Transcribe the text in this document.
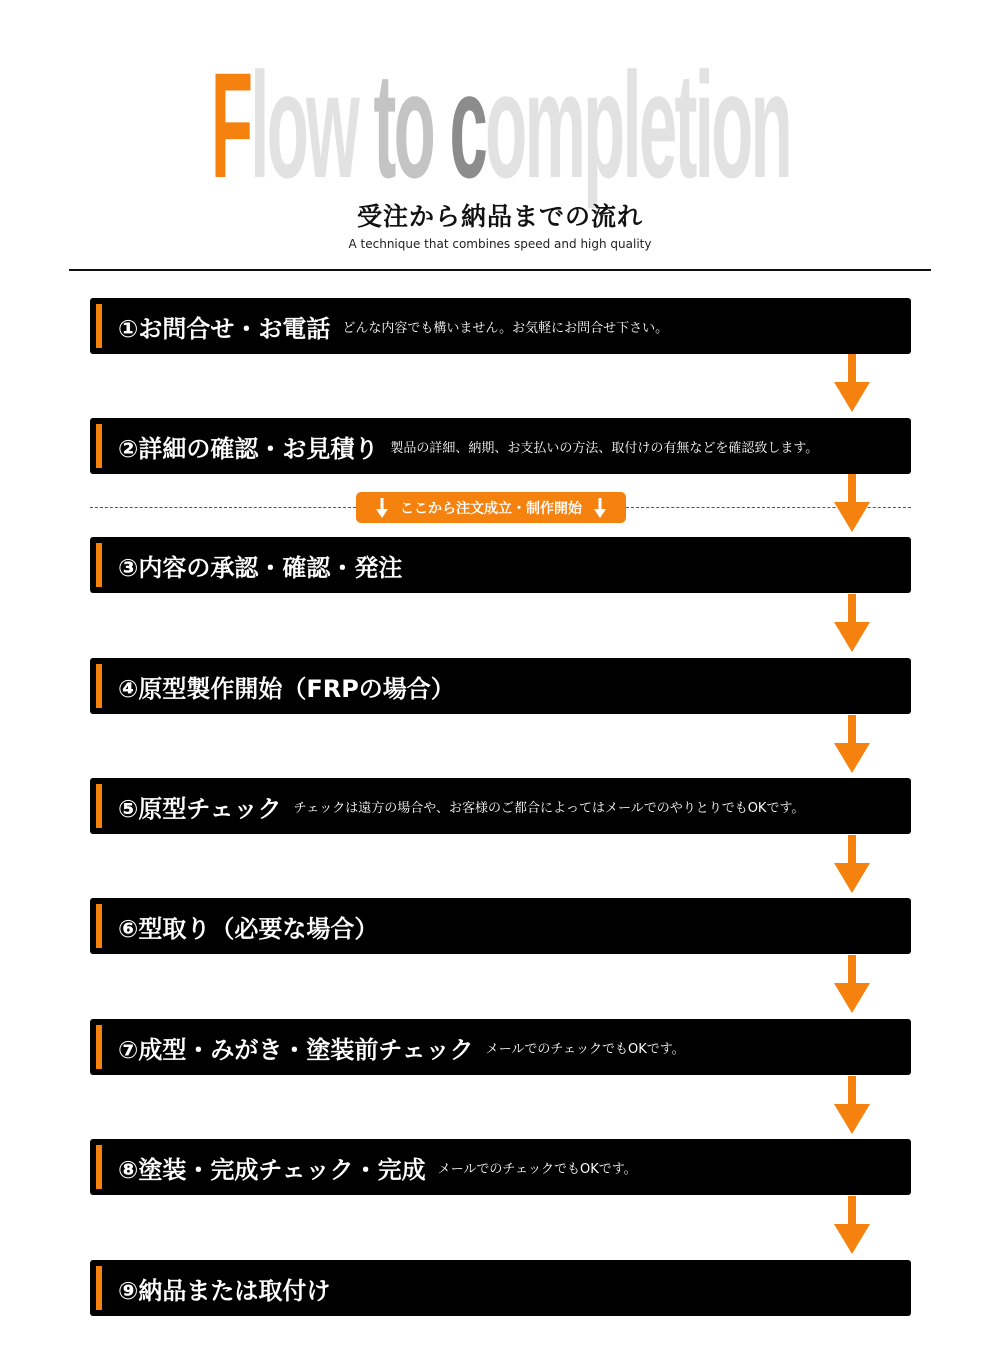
Flow to completion
受注から納品までの流れ
A technique that combines speed and high quality
①お問合せ・お電話 どんな内容でも構いません。お気軽にお問合せ下さい。
②詳細の確認・お見積り 製品の詳細、納期、お支払いの方法、取付けの有無などを確認致します。
③内容の承認・確認・発注
④原型製作開始（FRPの場合）
⑤原型チェック チェックは遠方の場合や、お客様のご都合によってはメールでのやりとりでもOKです。
⑥型取り（必要な場合）
⑦成型・みがき・塗装前チェック メールでのチェックでもOKです。
⑧塗装・完成チェック・完成 メールでのチェックでもOKです。
⑨納品または取付け
ここから注文成立・制作開始
